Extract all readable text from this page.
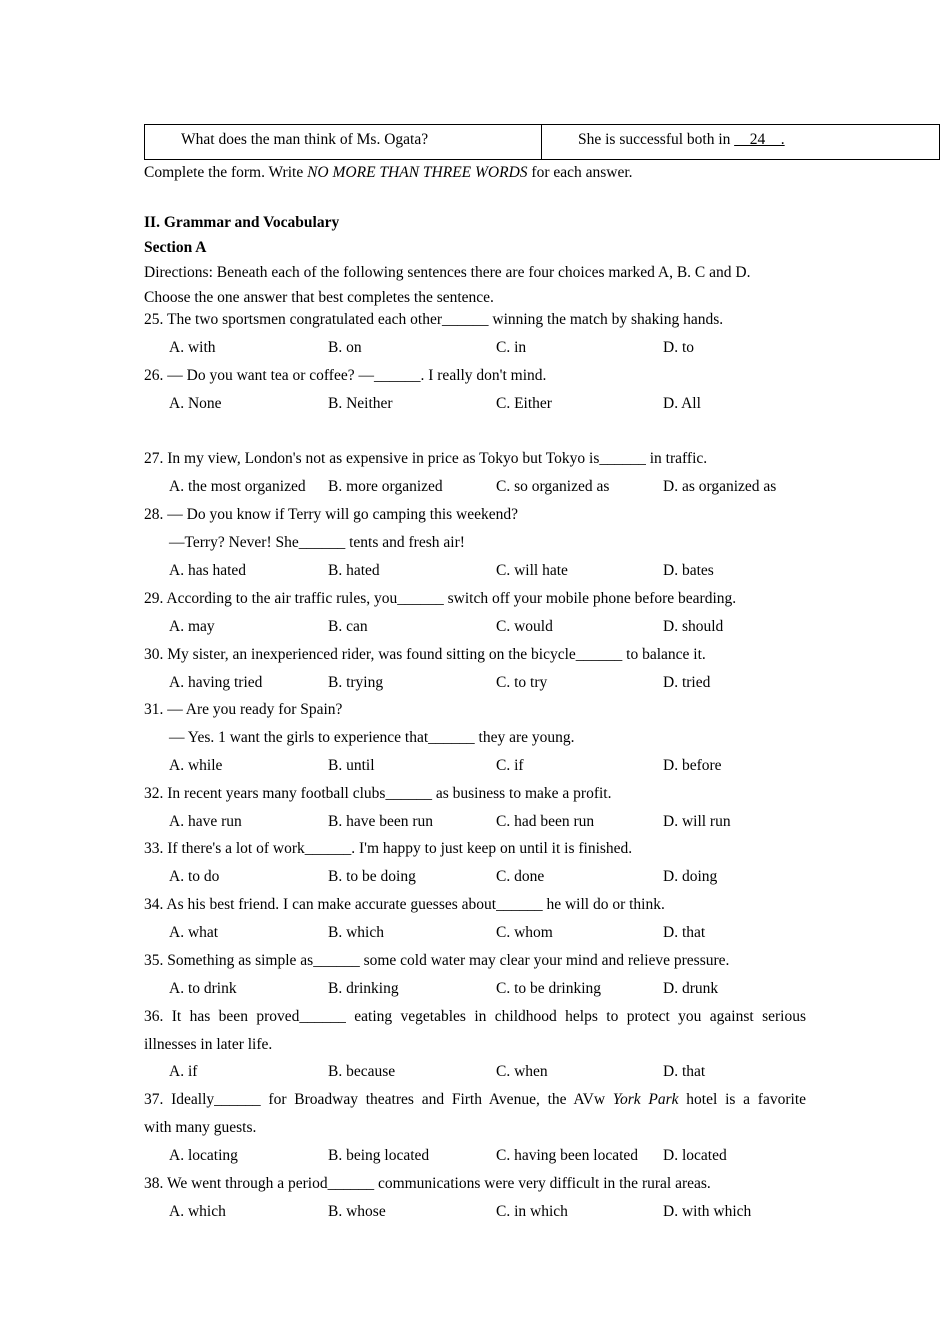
What does the man think of Ms. Ogata?	She is successful both in __24__.
Complete the form. Write NO MORE THAN THREE WORDS for each answer.
II. Grammar and Vocabulary
Section A
Directions: Beneath each of the following sentences there are four choices marked A, B. C and D.
Choose the one answer that best completes the sentence.
25. The two sportsmen congratulated each other______ winning the match by shaking hands.
A. with	B. on	C. in	D. to
26. — Do you want tea or coffee? —______. I really don't mind.
A. None	B. Neither	C. Either	D. All
27. In my view, London's not as expensive in price as Tokyo but Tokyo is______ in traffic.
A. the most organized B. more organized	C. so organized as	D. as organized as
28. — Do you know if Terry will go camping this weekend?
—Terry? Never! She______ tents and fresh air!
A. has hated	B. hated	C. will hate	D. bates
29. According to the air traffic rules, you______ switch off your mobile phone before bearding.
A. may	B. can	C. would	D. should
30. My sister, an inexperienced rider, was found sitting on the bicycle______ to balance it.
A. having tried	B. trying	C. to try	D. tried
31. — Are you ready for Spain?
— Yes. 1 want the girls to experience that______ they are young.
A. while	B. until	C. if	D. before
32. In recent years many football clubs______ as business to make a profit.
A. have run	B. have been run	C. had been run	D. will run
33. If there's a lot of work______. I'm happy to just keep on until it is finished.
A. to do	B. to be doing	C. done	D. doing
34. As his best friend. I can make accurate guesses about______ he will do or think.
A. what	B. which	C. whom	D. that
35. Something as simple as______ some cold water may clear your mind and relieve pressure.
A. to drink	B. drinking	C. to be drinking	D. drunk
36. It has been proved______ eating vegetables in childhood helps to protect you against serious
illnesses in later life.
A. if	B. because	C. when	D. that
37. Ideally______ for Broadway theatres and Firth Avenue, the AVw York Park hotel is a favorite
with many guests.
A. locating	B. being located	C. having been located D. located
38. We went through a period______ communications were very difficult in the rural areas.
A. which	B. whose	C. in which	D. with which
